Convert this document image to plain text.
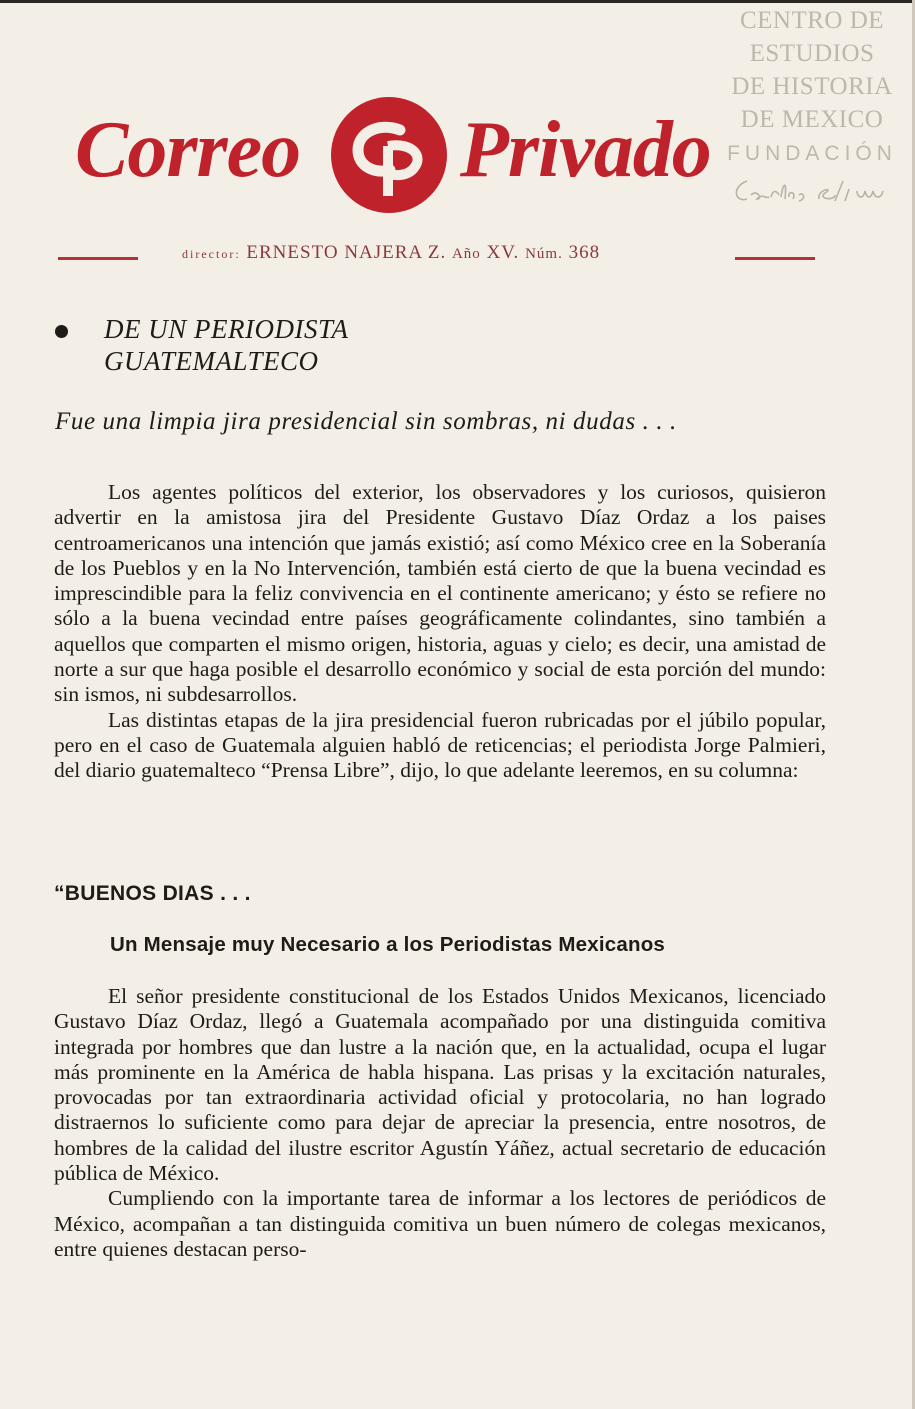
CENTRO DE
ESTUDIOS
DE HISTORIA
DE MEXICO
FUNDACIÓN
Correo Privado
director: ERNESTO NAJERA Z. Año XV. Núm. 368
DE UN PERIODISTA
GUATEMALTECO
Fue una limpia jira presidencial sin sombras, ni dudas . . .

Los agentes políticos del exterior, los observadores y los curiosos, quisieron advertir en la amistosa jira del Presidente Gustavo Díaz Ordaz a los paises centroamericanos una intención que jamás existió; así como México cree en la Soberanía de los Pueblos y en la No Intervención, también está cierto de que la buena vecindad es imprescindible para la feliz convivencia en el continente americano; y ésto se refiere no sólo a la buena vecindad entre países geográficamente colindantes, sino también a aquellos que comparten el mismo origen, historia, aguas y cielo; es decir, una amistad de norte a sur que haga posible el desarrollo económico y social de esta porción del mundo: sin ismos, ni subdesarrollos.

Las distintas etapas de la jira presidencial fueron rubricadas por el júbilo popular, pero en el caso de Guatemala alguien habló de reticencias; el periodista Jorge Palmieri, del diario guatemalteco “Prensa Libre”, dijo, lo que adelante leeremos, en su columna:

“BUENOS DIAS . . .
Un Mensaje muy Necesario a los Periodistas Mexicanos

El señor presidente constitucional de los Estados Unidos Mexicanos, licenciado Gustavo Díaz Ordaz, llegó a Guatemala acompañado por una distinguida comitiva integrada por hombres que dan lustre a la nación que, en la actualidad, ocupa el lugar más prominente en la América de habla hispana. Las prisas y la excitación naturales, provocadas por tan extraordinaria actividad oficial y protocolaria, no han logrado distraernos lo suficiente como para dejar de apreciar la presencia, entre nosotros, de hombres de la calidad del ilustre escritor Agustín Yáñez, actual secretario de educación pública de México.

Cumpliendo con la importante tarea de informar a los lectores de periódicos de México, acompañan a tan distinguida comitiva un buen número de colegas mexicanos, entre quienes destacan perso-
